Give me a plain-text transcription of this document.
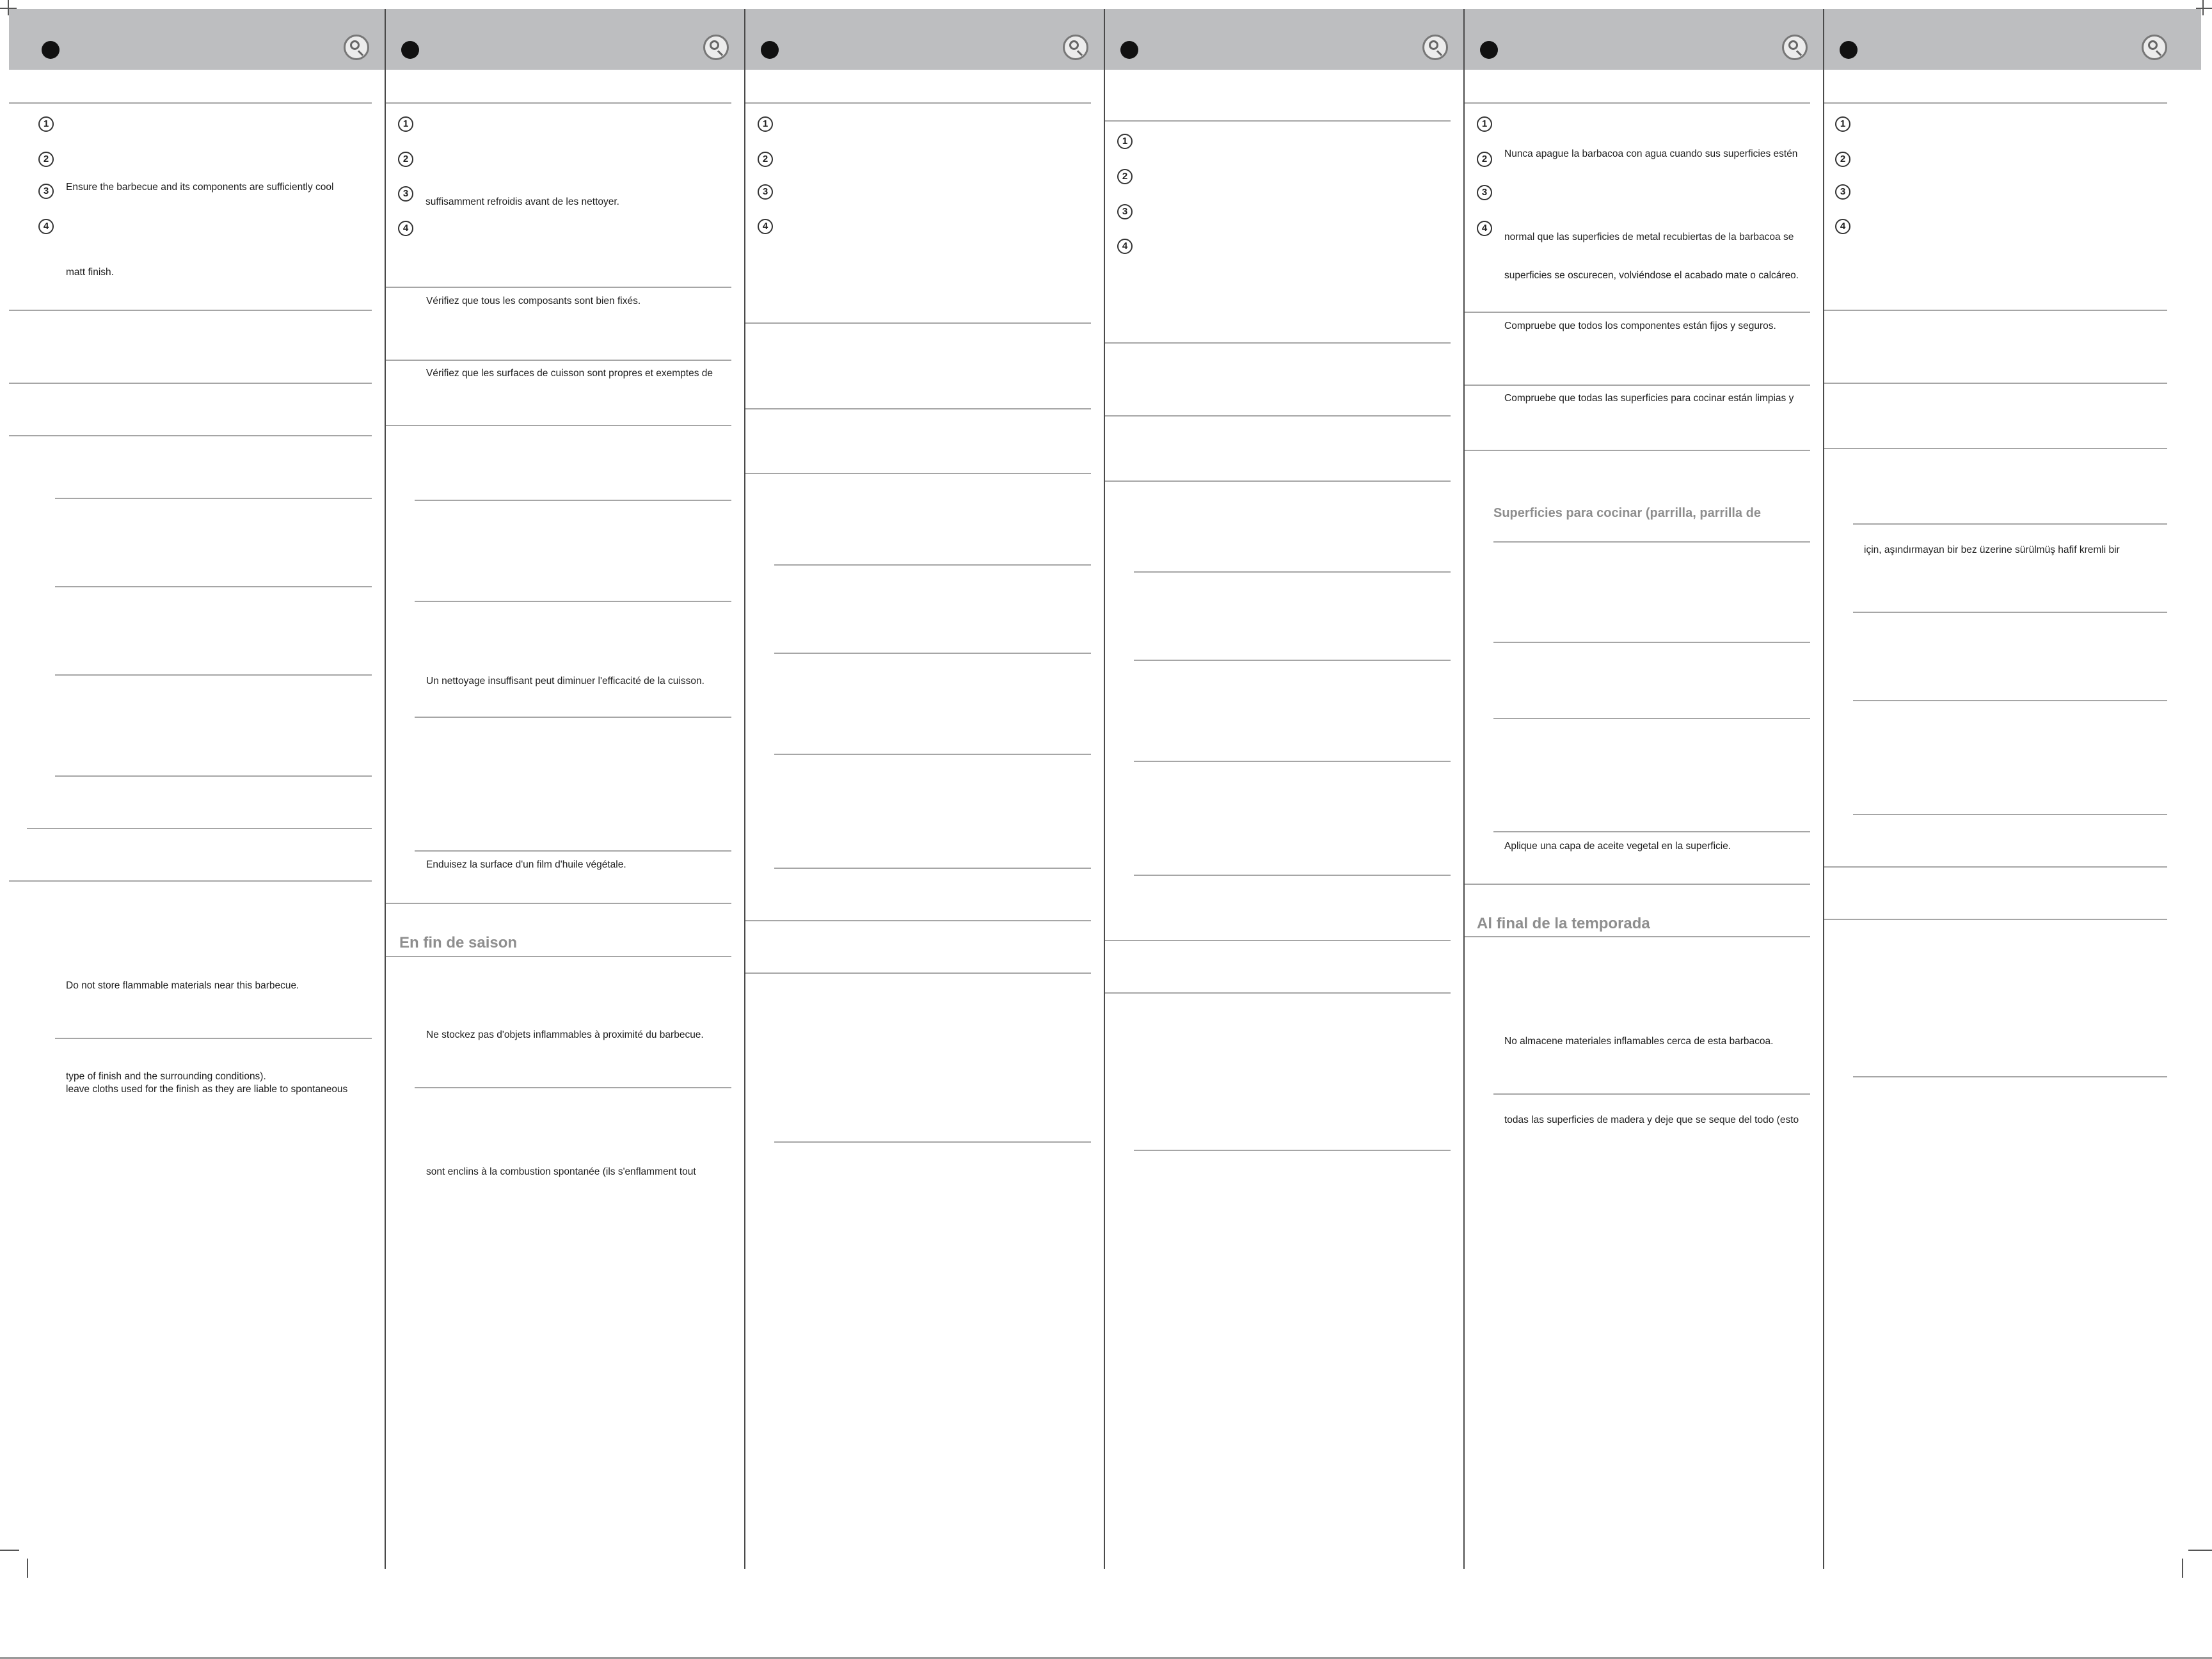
1
2
3
4
Ensure the barbecue and its components are sufficiently cool
matt finish.
Do not store flammable materials near this barbecue.
type of finish and the surrounding conditions).
leave cloths used for the finish as they are liable to spontaneous
1
2
3
4
suffisamment refroidis avant de les nettoyer.
Vérifiez que tous les composants sont bien fixés.
Vérifiez que les surfaces de cuisson sont propres et exemptes de
Un nettoyage insuffisant peut diminuer l'efficacité de la cuisson.
Enduisez la surface d'un film d'huile végétale.
En fin de saison
Ne stockez pas d'objets inflammables à proximité du barbecue.
sont enclins à la combustion spontanée (ils s'enflamment tout
1
2
3
4
1
2
3
4
1
2
3
4
Nunca apague la barbacoa con agua cuando sus superficies estén
normal que las superficies de metal recubiertas de la barbacoa se
superficies se oscurecen, volviéndose el acabado mate o calcáreo.
Compruebe que todos los componentes están fijos y seguros.
Compruebe que todas las superficies para cocinar están limpias y
Superficies para cocinar (parrilla, parrilla de
Aplique una capa de aceite vegetal en la superficie.
Al final de la temporada
No almacene materiales inflamables cerca de esta barbacoa.
todas las superficies de madera y deje que se seque del todo (esto
1
2
3
4
için, aşındırmayan bir bez üzerine sürülmüş hafif kremli bir
